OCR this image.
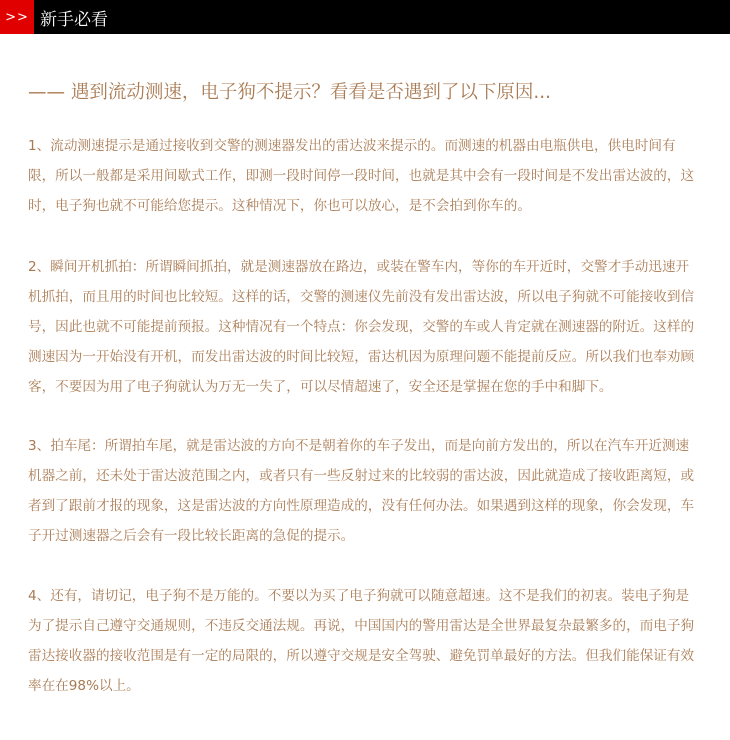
>> 新手必看
—— 遇到流动测速，电子狗不提示？看看是否遇到了以下原因...

1、流动测速提示是通过接收到交警的测速器发出的雷达波来提示的。而测速的机器由电瓶供电，供电时间有限，所以一般都是采用间歇式工作，即测一段时间停一段时间，也就是其中会有一段时间是不发出雷达波的，这时，电子狗也就不可能给您提示。这种情况下，你也可以放心，是不会拍到你车的。

2、瞬间开机抓拍：所谓瞬间抓拍，就是测速器放在路边，或装在警车内，等你的车开近时，交警才手动迅速开机抓拍，而且用的时间也比较短。这样的话，交警的测速仪先前没有发出雷达波，所以电子狗就不可能接收到信号，因此也就不可能提前预报。这种情况有一个特点：你会发现，交警的车或人肯定就在测速器的附近。这样的测速因为一开始没有开机，而发出雷达波的时间比较短，雷达机因为原理问题不能提前反应。所以我们也奉劝顾客，不要因为用了电子狗就认为万无一失了，可以尽情超速了，安全还是掌握在您的手中和脚下。

3、拍车尾：所谓拍车尾，就是雷达波的方向不是朝着你的车子发出，而是向前方发出的，所以在汽车开近测速机器之前，还未处于雷达波范围之内，或者只有一些反射过来的比较弱的雷达波，因此就造成了接收距离短，或者到了跟前才报的现象，这是雷达波的方向性原理造成的，没有任何办法。如果遇到这样的现象，你会发现，车子开过测速器之后会有一段比较长距离的急促的提示。

4、还有，请切记，电子狗不是万能的。不要以为买了电子狗就可以随意超速。这不是我们的初衷。装电子狗是为了提示自己遵守交通规则，不违反交通法规。再说，中国国内的警用雷达是全世界最复杂最繁多的，而电子狗雷达接收器的接收范围是有一定的局限的，所以遵守交规是安全驾驶、避免罚单最好的方法。但我们能保证有效率在在98%以上。
